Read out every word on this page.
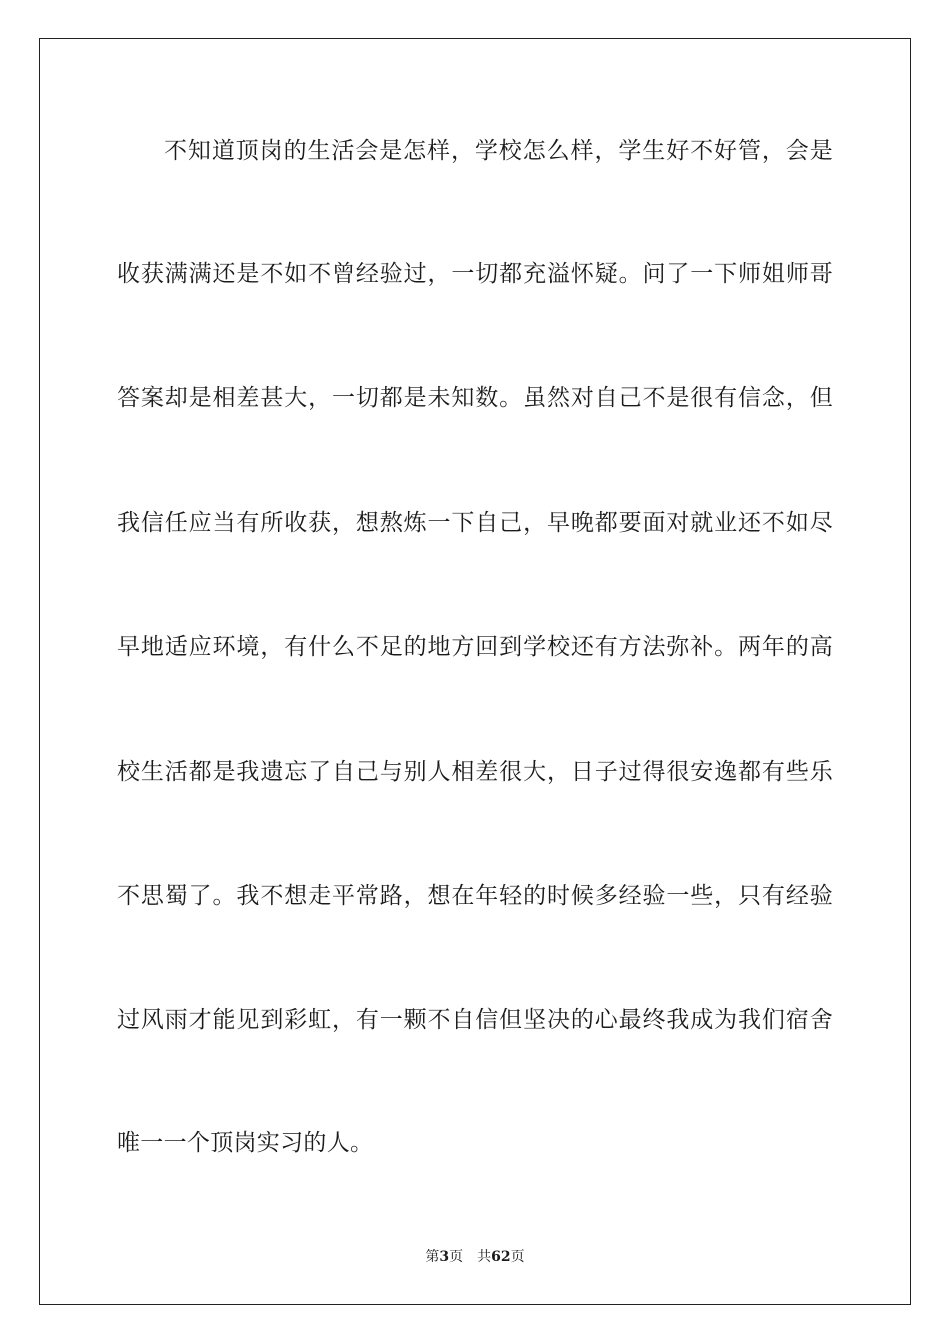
不知道顶岗的生活会是怎样，学校怎么样，学生好不好管，会是

收获满满还是不如不曾经验过，一切都充溢怀疑。问了一下师姐师哥

答案却是相差甚大，一切都是未知数。虽然对自己不是很有信念，但

我信任应当有所收获，想熬炼一下自己，早晚都要面对就业还不如尽

早地适应环境，有什么不足的地方回到学校还有方法弥补。两年的高

校生活都是我遗忘了自己与别人相差很大，日子过得很安逸都有些乐

不思蜀了。我不想走平常路，想在年轻的时候多经验一些，只有经验

过风雨才能见到彩虹，有一颗不自信但坚决的心最终我成为我们宿舍

唯一一个顶岗实习的人。

第3页 共62页
